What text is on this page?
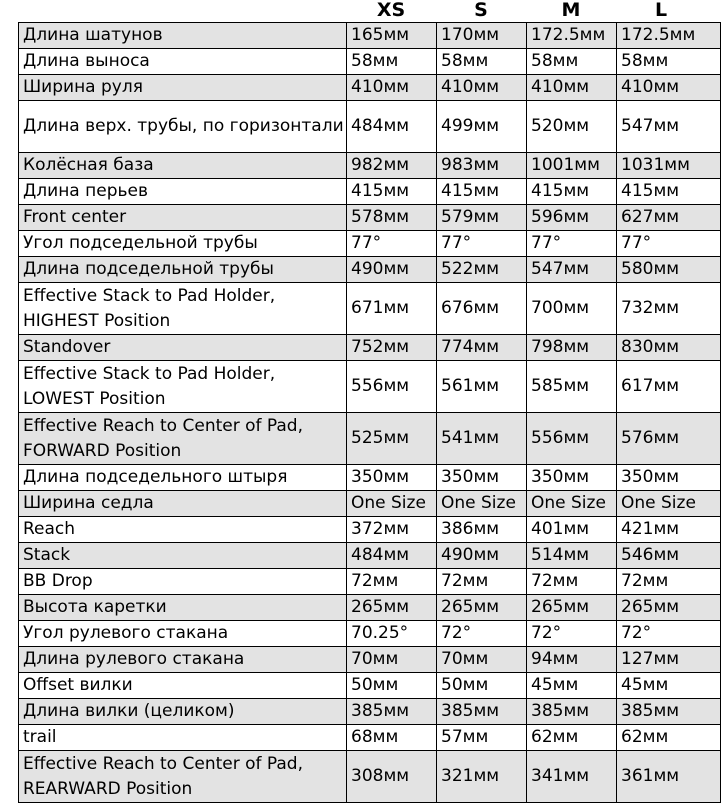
XS	S	M	L
Длина шатунов	165мм	170мм	172.5мм	172.5мм
Длина выноса	58мм	58мм	58мм	58мм
Ширина руля	410мм	410мм	410мм	410мм
Длина верх. трубы, по горизонтали	484мм	499мм	520мм	547мм
Колёсная база	982мм	983мм	1001мм	1031мм
Длина перьев	415мм	415мм	415мм	415мм
Front center	578мм	579мм	596мм	627мм
Угол подседельной трубы	77°	77°	77°	77°
Длина подседельной трубы	490мм	522мм	547мм	580мм
Effective Stack to Pad Holder, HIGHEST Position	671мм	676мм	700мм	732мм
Standover	752мм	774мм	798мм	830мм
Effective Stack to Pad Holder, LOWEST Position	556мм	561мм	585мм	617мм
Effective Reach to Center of Pad, FORWARD Position	525мм	541мм	556мм	576мм
Длина подседельного штыря	350мм	350мм	350мм	350мм
Ширина седла	One Size	One Size	One Size	One Size
Reach	372мм	386мм	401мм	421мм
Stack	484мм	490мм	514мм	546мм
BB Drop	72мм	72мм	72мм	72мм
Высота каретки	265мм	265мм	265мм	265мм
Угол рулевого стакана	70.25°	72°	72°	72°
Длина рулевого стакана	70мм	70мм	94мм	127мм
Offset вилки	50мм	50мм	45мм	45мм
Длина вилки (целиком)	385мм	385мм	385мм	385мм
trail	68мм	57мм	62мм	62мм
Effective Reach to Center of Pad, REARWARD Position	308мм	321мм	341мм	361мм
